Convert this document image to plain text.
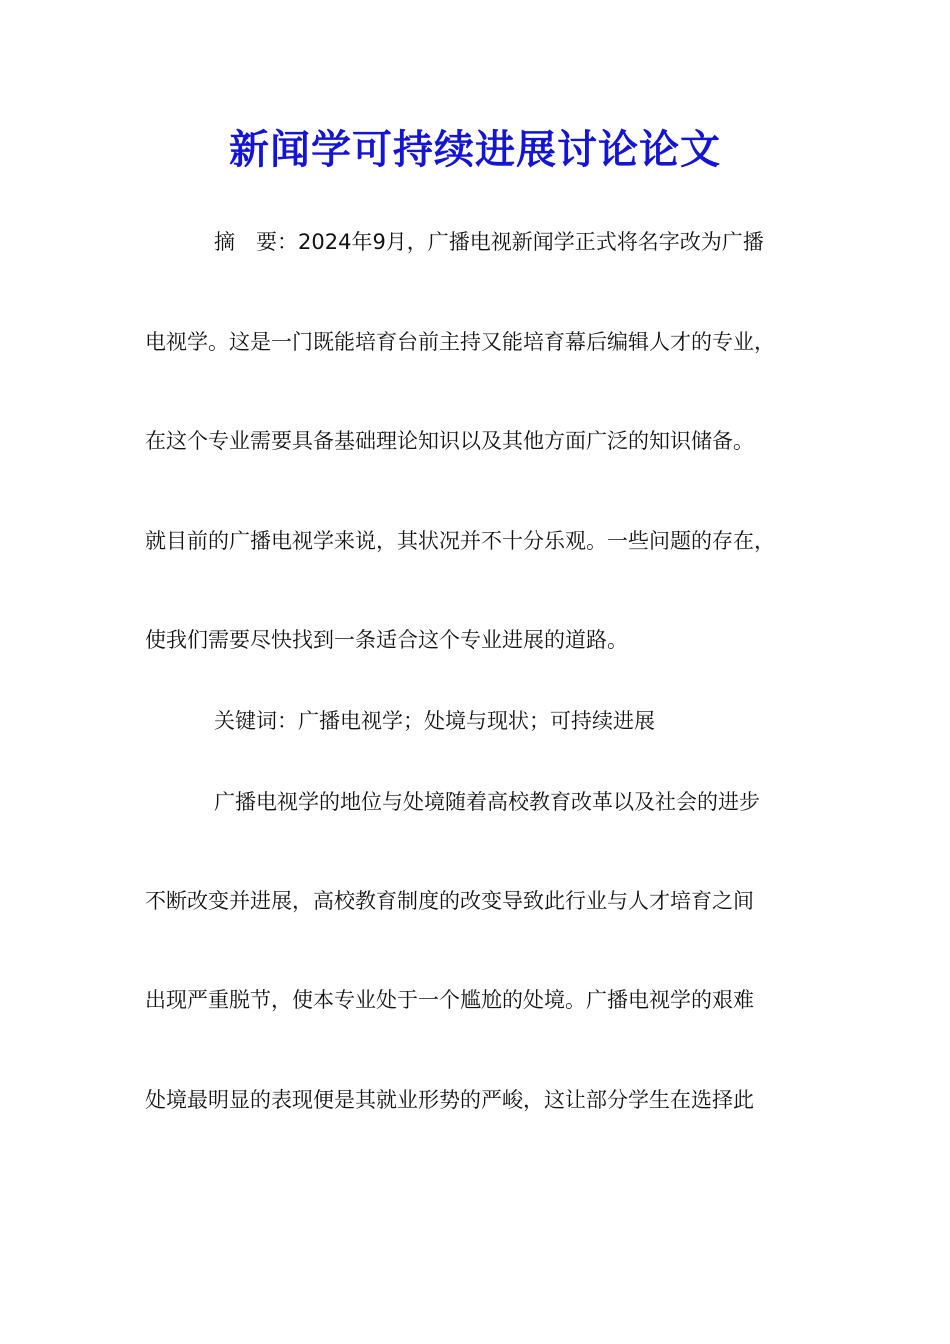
新闻学可持续进展讨论论文
摘　要：2024年9月，广播电视新闻学正式将名字改为广播
电视学。这是一门既能培育台前主持又能培育幕后编辑人才的专业，
在这个专业需要具备基础理论知识以及其他方面广泛的知识储备。
就目前的广播电视学来说，其状况并不十分乐观。一些问题的存在，
使我们需要尽快找到一条适合这个专业进展的道路。
关键词：广播电视学；处境与现状；可持续进展
广播电视学的地位与处境随着高校教育改革以及社会的进步
不断改变并进展，高校教育制度的改变导致此行业与人才培育之间
出现严重脱节，使本专业处于一个尴尬的处境。广播电视学的艰难
处境最明显的表现便是其就业形势的严峻，这让部分学生在选择此
